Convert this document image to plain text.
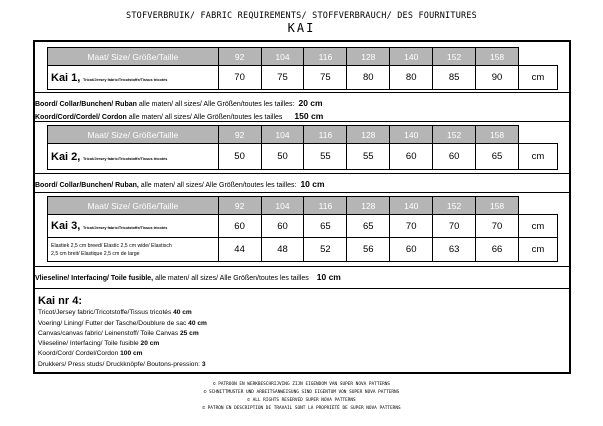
STOFVERBRUIK/ FABRIC REQUIREMENTS/ STOFFVERBRAUCH/ DES FOURNITURES
KAI
Maat/ Size/ Größe/Taille	92	104	116	128	140	152	158	
Kai 1, Tricot/Jersey fabric/Tricotstoffe/Tissus tricotés	70	75	75	80	80	85	90	cm
Boord/ Collar/Bunchen/ Ruban alle maten/ all sizes/ Alle Größen/toutes les tailles: 20 cm
Koord/Cord/Cordel/ Cordon alle maten/ all sizes/ Alle Größen/toutes les tailles 150 cm
Maat/ Size/ Größe/Taille	92	104	116	128	140	152	158	
Kai 2, Tricot/Jersey fabric/Tricotstoffe/Tissus tricotés	50	50	55	55	60	60	65	cm
Boord/ Collar/Bunchen/ Ruban, alle maten/ all sizes/ Alle Größen/toutes les tailles: 10 cm
Maat/ Size/ Größe/Taille	92	104	116	128	140	152	158	
Kai 3, Tricot/Jersey fabric/Tricotstoffe/Tissus tricotés	60	60	65	65	70	70	70	cm

Elastiek 2,5 cm breed/ Elastic 2,5 cm wide/ Elastisch
2,5 cm breit/ Elastique 2,5 cm de large	44	48	52	56	60	63	66	cm
Vlieseline/ Interfacing/ Toile fusible, alle maten/ all sizes/ Alle Größen/toutes les tailles 10 cm
Kai nr 4:
Tricot/Jersey fabric/Tricotstoffe/Tissus tricotés 40 cm
Voering/ Lining/ Futter der Tasche/Doublure de sac 40 cm
Canvas/canvas fabric/ Leinenstoff/ Toile Canvas 25 cm
Vlieseline/ Interfacing/ Toile fusible 20 cm
Koord/Cord/ Cordel/Cordon 100 cm
Drukkers/ Press studs/ Druckknöpfe/ Boutons-pression: 3
© PATROON EN WERKBESCHRIJVING ZIJN EIGENDOM VAN SUPER NOVA PATTERNS
© SCHNITTMUSTER UND ARBEITSANWEISUNG SIND EIGENTUM VON SUPER NOVA PATTERNS
© ALL RIGHTS RESERVED SUPER NOVA PATTERNS
© PATRON EN DESCRIPTION DE TRAVAIL SONT LA PROPRIÉTÉ DE SUPER NOVA PATTERNS
